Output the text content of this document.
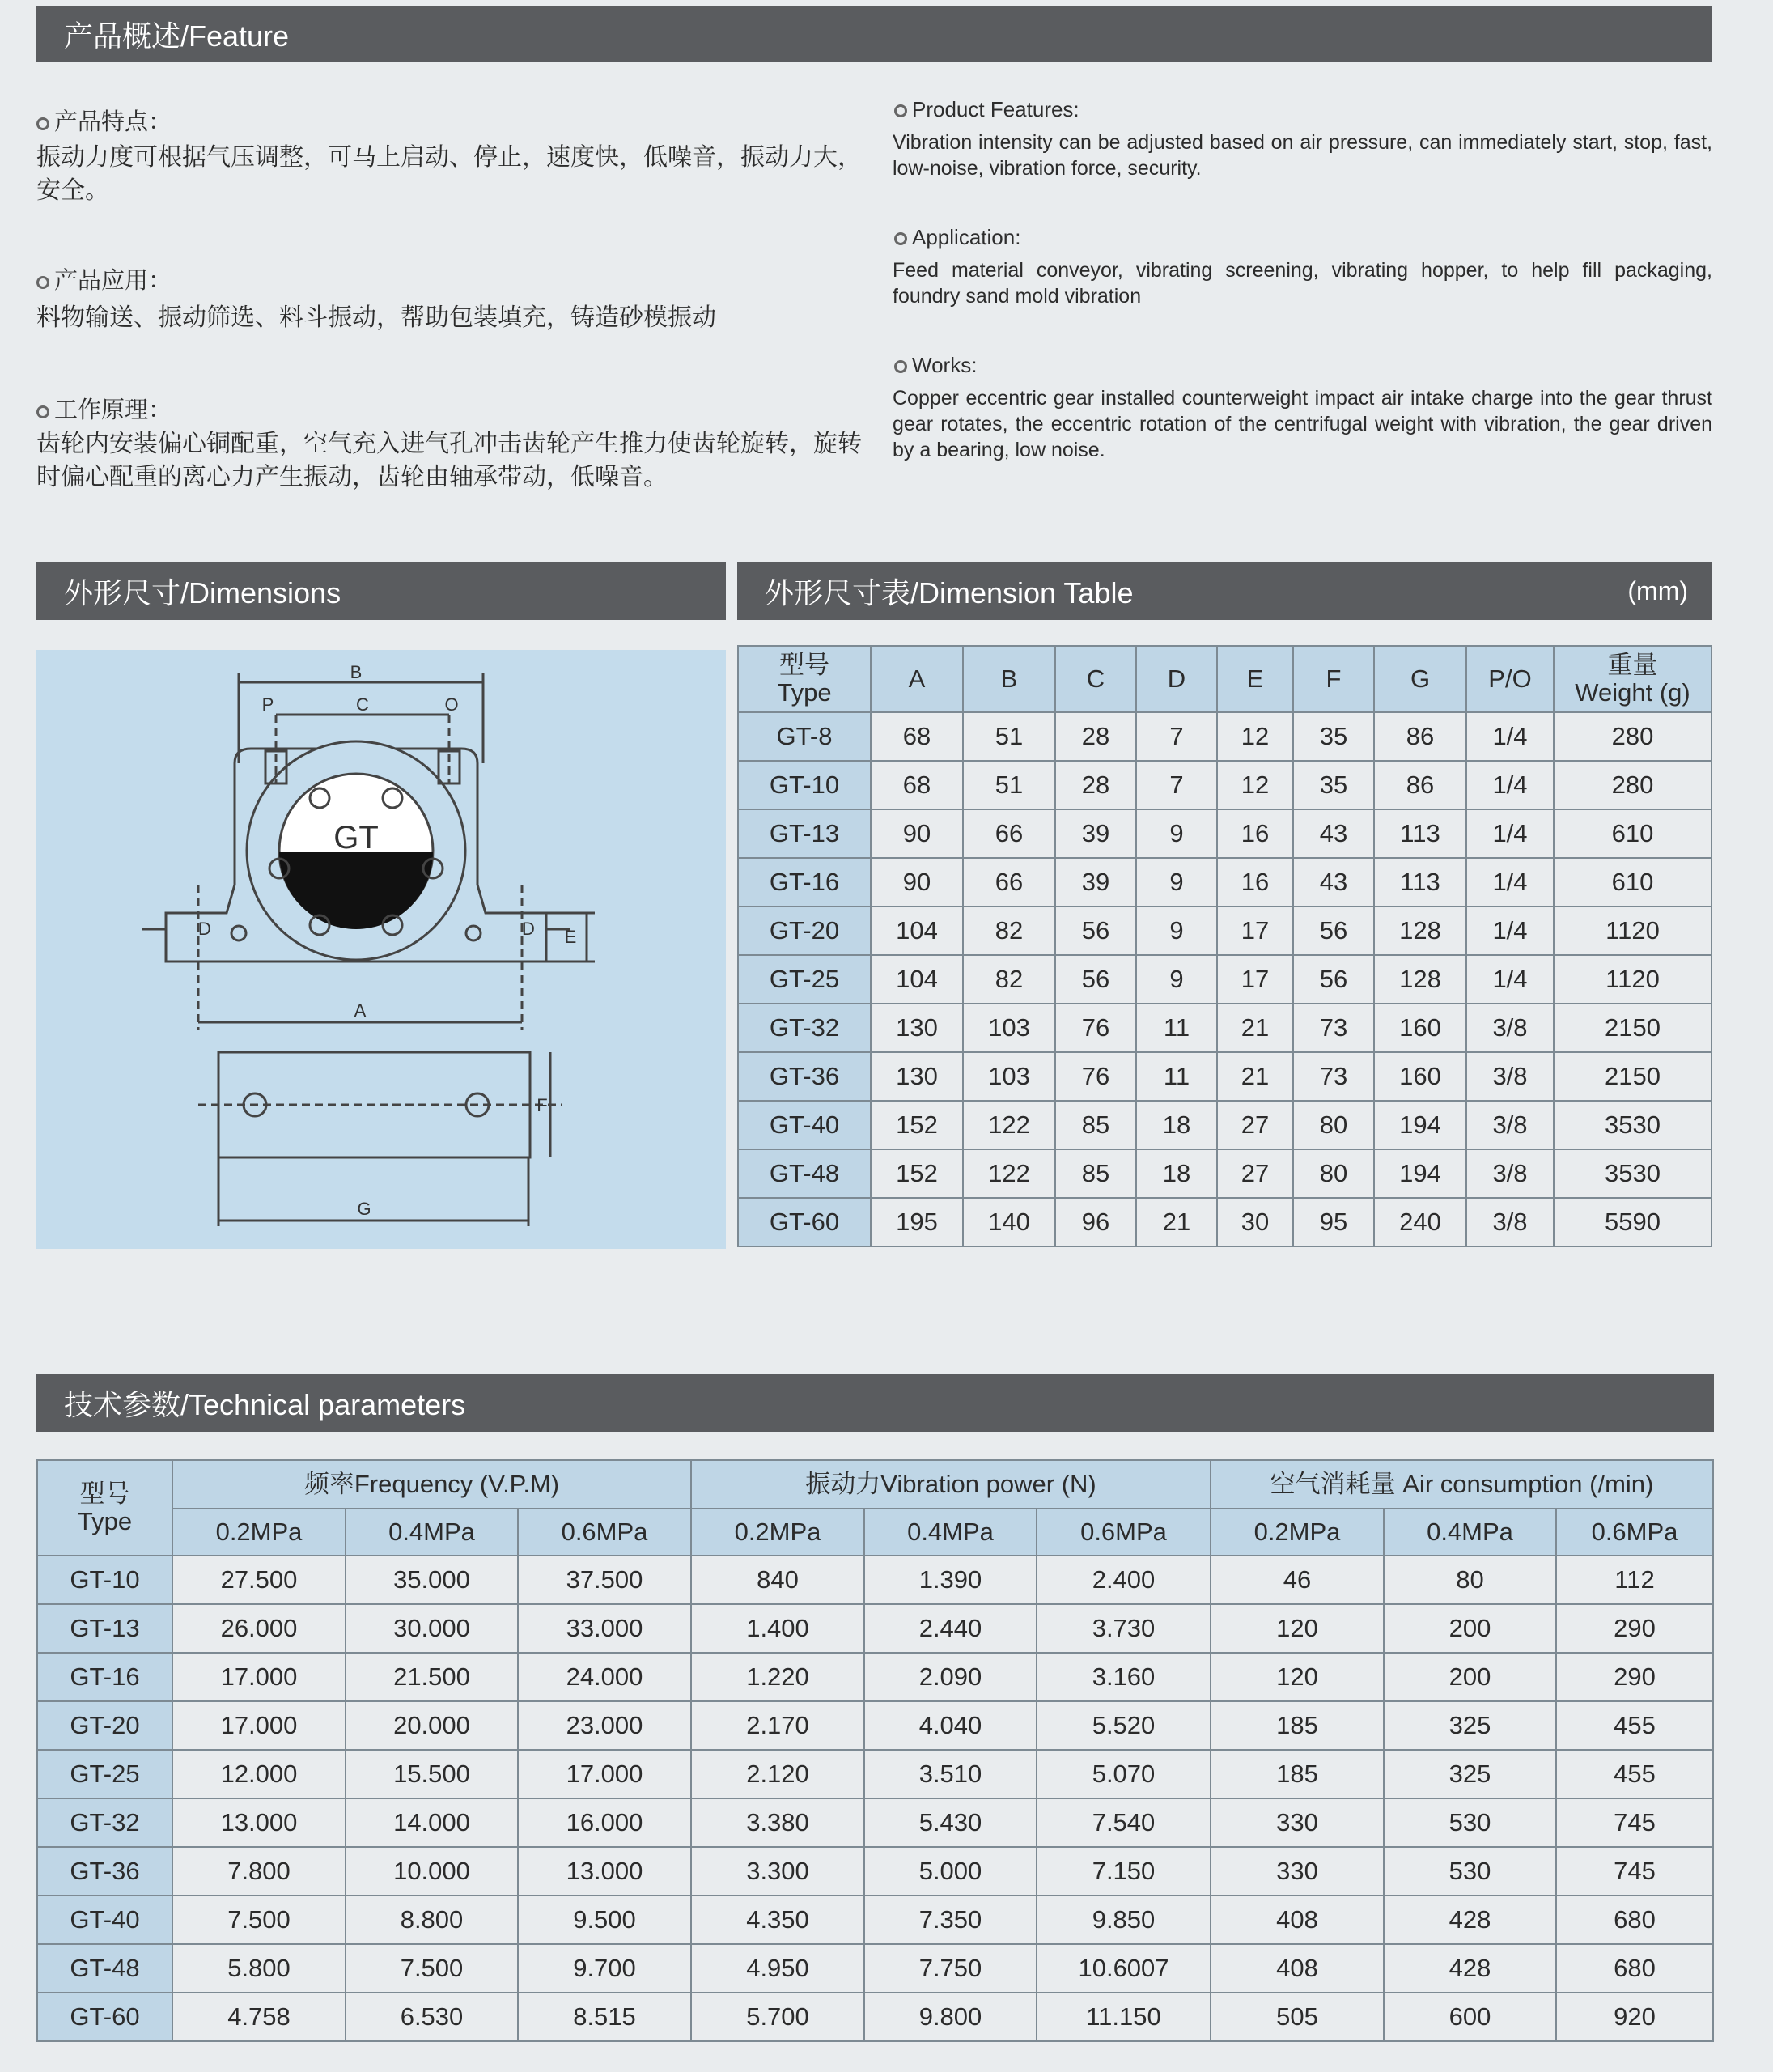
产品概述/Feature
产品特点：
振动力度可根据气压调整，可马上启动、停止，速度快，低噪音，振动力大，安全。
产品应用：
料物输送、振动筛选、料斗振动，帮助包装填充，铸造砂模振动
工作原理：
齿轮内安装偏心铜配重，空气充入进气孔冲击齿轮产生推力使齿轮旋转，旋转时偏心配重的离心力产生振动，齿轮由轴承带动，低噪音。
Product Features:
Vibration intensity can be adjusted based on air pressure, can immediately start, stop, fast, low-noise, vibration force, security.
Application:
Feed material conveyor, vibrating screening, vibrating hopper, to help fill packaging, foundry sand mold vibration
Works:
Copper eccentric gear installed counterweight impact air intake charge into the gear thrust gear rotates, the eccentric rotation of the centrifugal weight with vibration, the gear driven by a bearing, low noise.
外形尺寸/Dimensions	外形尺寸表/Dimension Table	(mm)
B
C
P	O
D	D E
A
F
G
GT
型号
Type	A	B	C	D	E	F	G	P/O	重量
Weight (g)
GT-8	68	51	28	7	12	35	86	1/4	280
GT-10	68	51	28	7	12	35	86	1/4	280
GT-13	90	66	39	9	16	43	113	1/4	610
GT-16	90	66	39	9	16	43	113	1/4	610
GT-20	104	82	56	9	17	56	128	1/4	1120
GT-25	104	82	56	9	17	56	128	1/4	1120
GT-32	130	103	76	11	21	73	160	3/8	2150
GT-36	130	103	76	11	21	73	160	3/8	2150
GT-40	152	122	85	18	27	80	194	3/8	3530
GT-48	152	122	85	18	27	80	194	3/8	3530
GT-60	195	140	96	21	30	95	240	3/8	5590
技术参数/Technical parameters
型号
Type	频率Frequency (V.P.M)			振动力Vibration power (N)			空气消耗量 Air consumption (/min)		
	0.2MPa	0.4MPa	0.6MPa	0.2MPa	0.4MPa	0.6MPa	0.2MPa	0.4MPa	0.6MPa
GT-10	27.500	35.000	37.500	840	1.390	2.400	46	80	112
GT-13	26.000	30.000	33.000	1.400	2.440	3.730	120	200	290
GT-16	17.000	21.500	24.000	1.220	2.090	3.160	120	200	290
GT-20	17.000	20.000	23.000	2.170	4.040	5.520	185	325	455
GT-25	12.000	15.500	17.000	2.120	3.510	5.070	185	325	455
GT-32	13.000	14.000	16.000	3.380	5.430	7.540	330	530	745
GT-36	7.800	10.000	13.000	3.300	5.000	7.150	330	530	745
GT-40	7.500	8.800	9.500	4.350	7.350	9.850	408	428	680
GT-48	5.800	7.500	9.700	4.950	7.750	10.6007	408	428	680
GT-60	4.758	6.530	8.515	5.700	9.800	11.150	505	600	920
